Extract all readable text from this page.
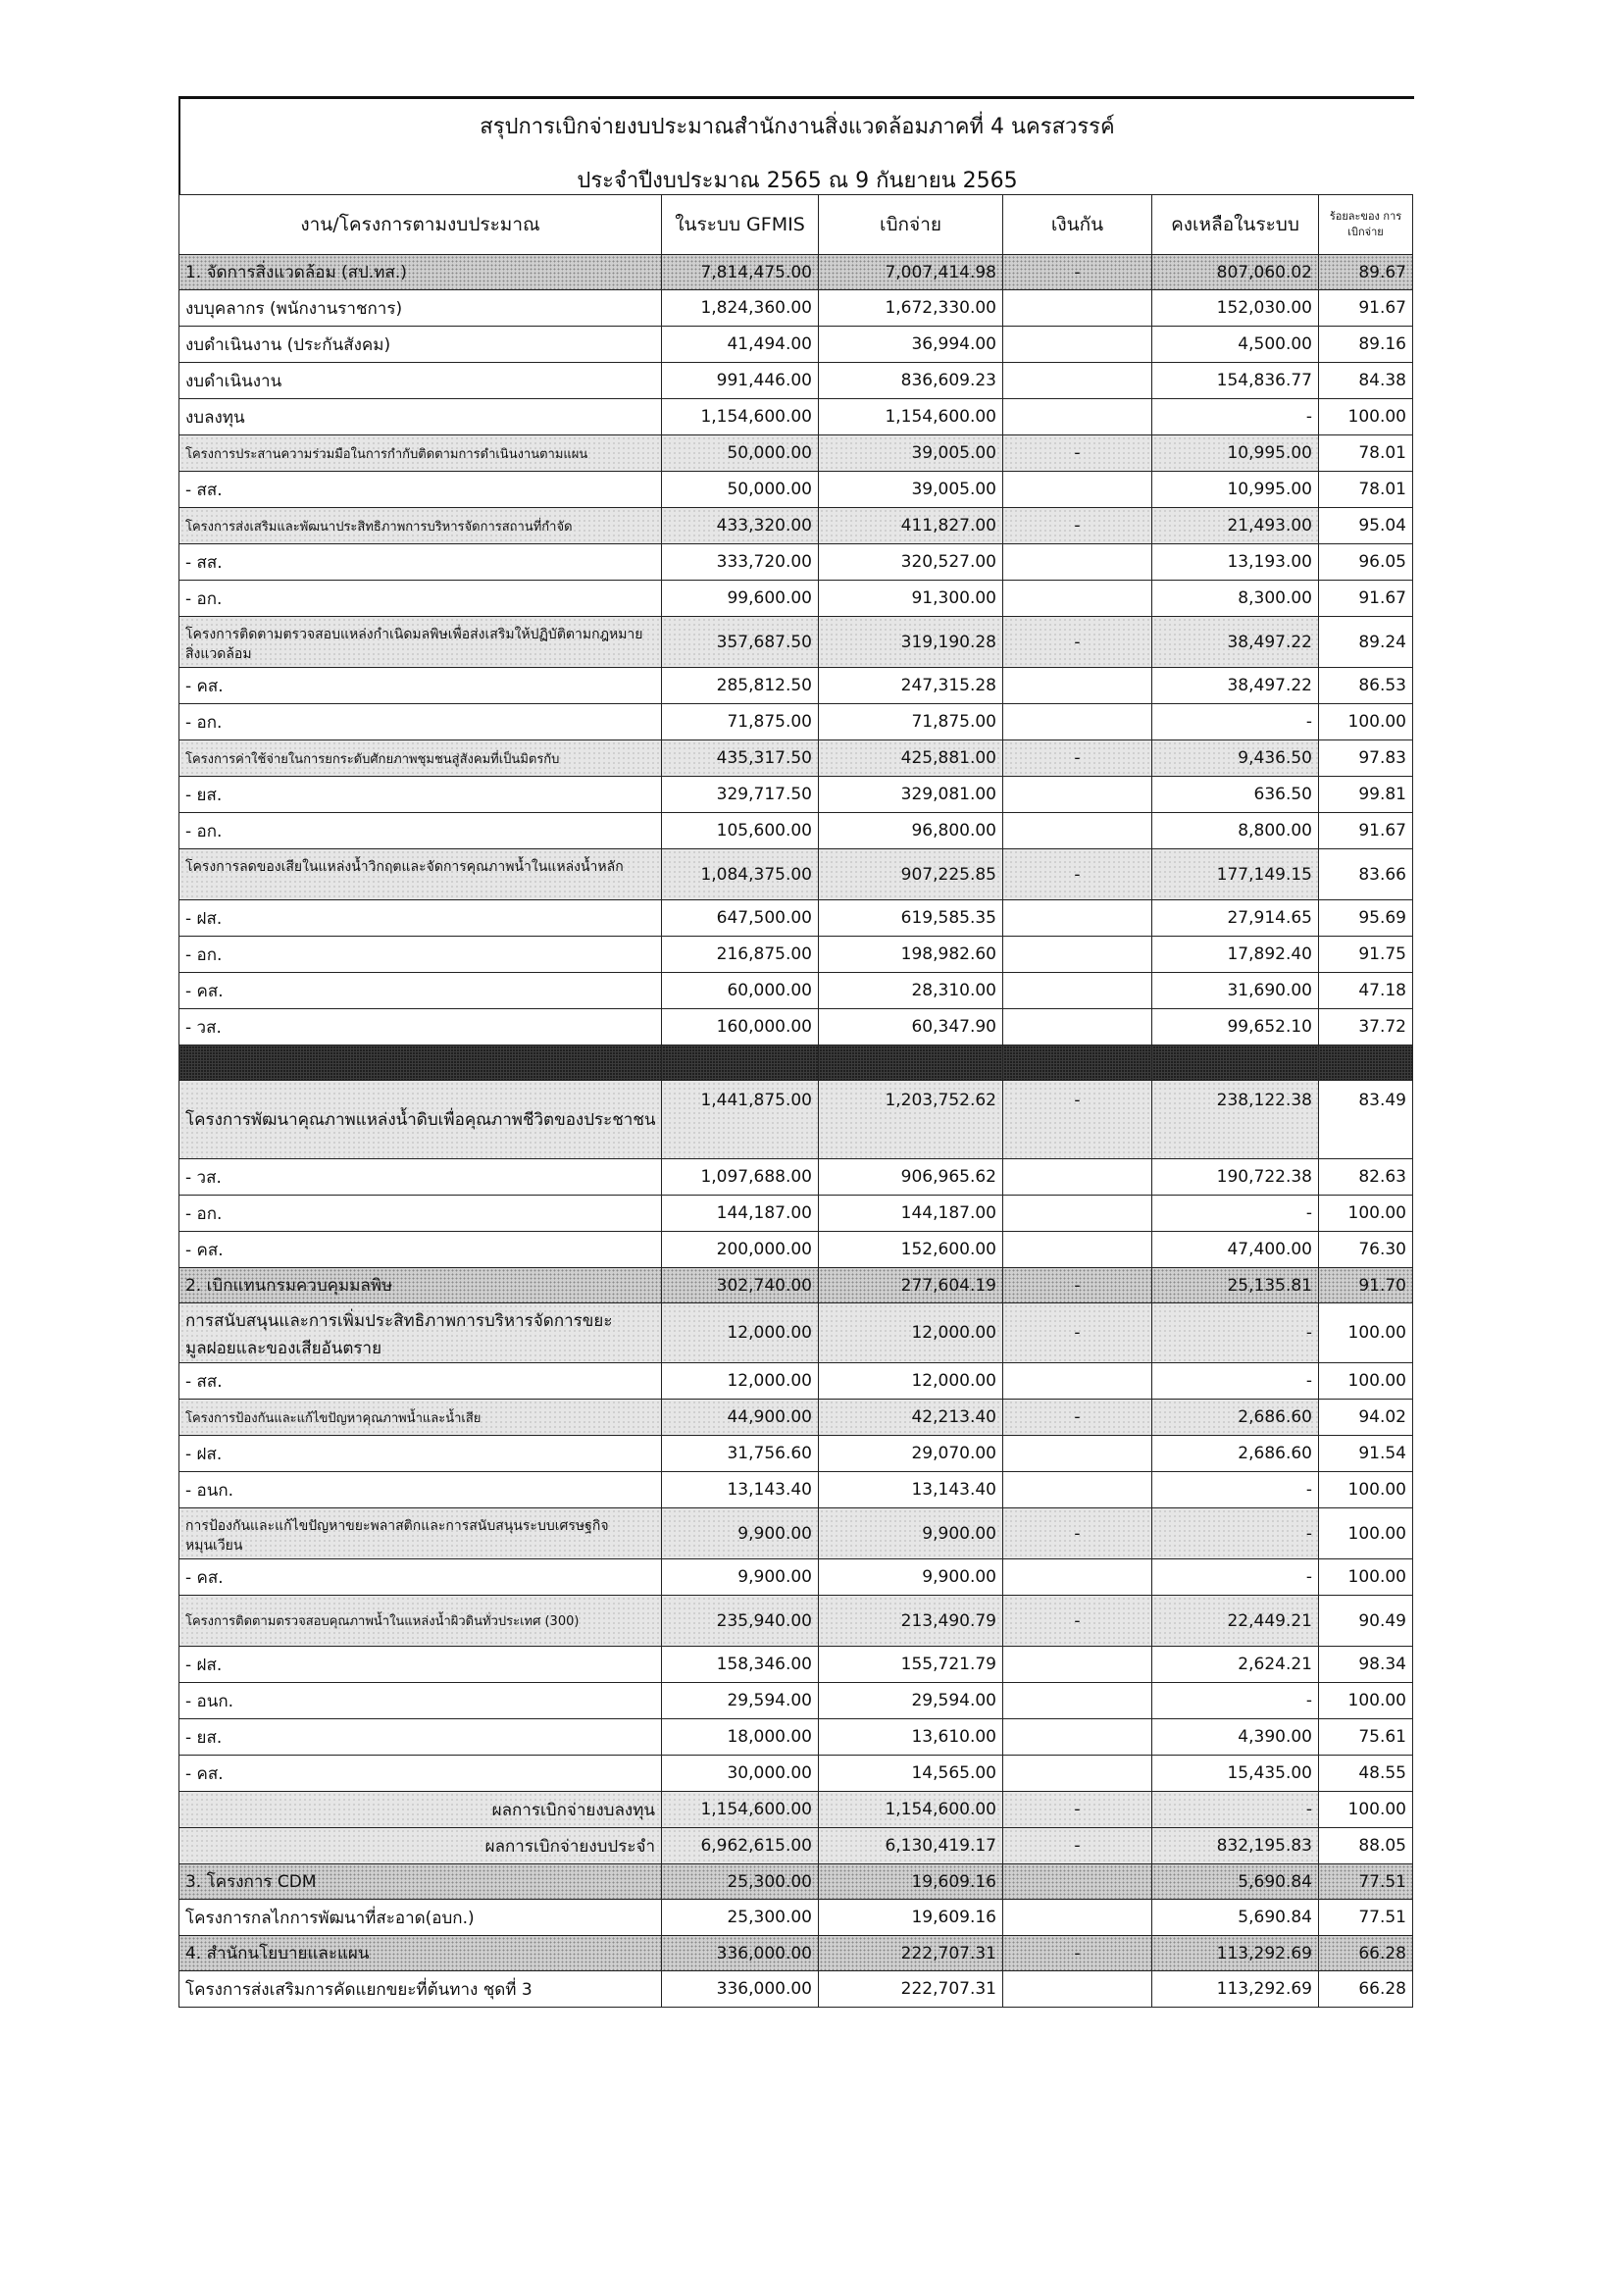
สรุปการเบิกจ่ายงบประมาณสำนักงานสิ่งแวดล้อมภาคที่ 4 นครสวรรค์
ประจำปีงบประมาณ 2565 ณ 9 กันยายน 2565
งาน/โครงการตามงบประมาณ	ในระบบ GFMIS	เบิกจ่าย	เงินกัน	คงเหลือในระบบ	ร้อยละของ การเบิกจ่าย
1. จัดการสิ่งแวดล้อม (สป.ทส.)	7,814,475.00	7,007,414.98	-	807,060.02	89.67
งบบุคลากร (พนักงานราชการ)	1,824,360.00	1,672,330.00		152,030.00	91.67
งบดำเนินงาน (ประกันสังคม)	41,494.00	36,994.00		4,500.00	89.16
งบดำเนินงาน	991,446.00	836,609.23		154,836.77	84.38
งบลงทุน	1,154,600.00	1,154,600.00		-	100.00
โครงการประสานความร่วมมือในการกำกับติดตามการดำเนินงานตามแผน	50,000.00	39,005.00	-	10,995.00	78.01
- สส.	50,000.00	39,005.00		10,995.00	78.01
โครงการส่งเสริมและพัฒนาประสิทธิภาพการบริหารจัดการสถานที่กำจัด	433,320.00	411,827.00	-	21,493.00	95.04
- สส.	333,720.00	320,527.00		13,193.00	96.05
- อก.	99,600.00	91,300.00		8,300.00	91.67
โครงการติดตามตรวจสอบแหล่งกำเนิดมลพิษเพื่อส่งเสริมให้ปฏิบัติตามกฎหมายสิ่งแวดล้อม	357,687.50	319,190.28	-	38,497.22	89.24
- คส.	285,812.50	247,315.28		38,497.22	86.53
- อก.	71,875.00	71,875.00		-	100.00
โครงการค่าใช้จ่ายในการยกระดับศักยภาพชุมชนสู่สังคมที่เป็นมิตรกับ	435,317.50	425,881.00	-	9,436.50	97.83
- ยส.	329,717.50	329,081.00		636.50	99.81
- อก.	105,600.00	96,800.00		8,800.00	91.67
โครงการลดของเสียในแหล่งน้ำวิกฤตและจัดการคุณภาพน้ำในแหล่งน้ำหลัก	1,084,375.00	907,225.85	-	177,149.15	83.66
- ฝส.	647,500.00	619,585.35		27,914.65	95.69
- อก.	216,875.00	198,982.60		17,892.40	91.75
- คส.	60,000.00	28,310.00		31,690.00	47.18
- วส.	160,000.00	60,347.90		99,652.10	37.72

โครงการพัฒนาคุณภาพแหล่งน้ำดิบเพื่อคุณภาพชีวิตของประชาชน	1,441,875.00	1,203,752.62	-	238,122.38	83.49
- วส.	1,097,688.00	906,965.62		190,722.38	82.63
- อก.	144,187.00	144,187.00		-	100.00
- คส.	200,000.00	152,600.00		47,400.00	76.30
2. เบิกแทนกรมควบคุมมลพิษ	302,740.00	277,604.19	-	25,135.81	91.70
การสนับสนุนและการเพิ่มประสิทธิภาพการบริหารจัดการขยะมูลฝอยและของเสียอันตราย	12,000.00	12,000.00	-	-	100.00
- สส.	12,000.00	12,000.00		-	100.00
โครงการป้องกันและแก้ไขปัญหาคุณภาพน้ำและน้ำเสีย	44,900.00	42,213.40	-	2,686.60	94.02
- ฝส.	31,756.60	29,070.00		2,686.60	91.54
- อนก.	13,143.40	13,143.40		-	100.00
การป้องกันและแก้ไขปัญหาขยะพลาสติกและการสนับสนุนระบบเศรษฐกิจหมุนเวียน	9,900.00	9,900.00	-	-	100.00
- คส.	9,900.00	9,900.00		-	100.00
โครงการติดตามตรวจสอบคุณภาพน้ำในแหล่งน้ำผิวดินทั่วประเทศ (300)	235,940.00	213,490.79	-	22,449.21	90.49
- ฝส.	158,346.00	155,721.79		2,624.21	98.34
- อนก.	29,594.00	29,594.00		-	100.00
- ยส.	18,000.00	13,610.00		4,390.00	75.61
- คส.	30,000.00	14,565.00		15,435.00	48.55
ผลการเบิกจ่ายงบลงทุน	1,154,600.00	1,154,600.00	-	-	100.00
ผลการเบิกจ่ายงบประจำ	6,962,615.00	6,130,419.17	-	832,195.83	88.05
3. โครงการ CDM	25,300.00	19,609.16		5,690.84	77.51
โครงการกลไกการพัฒนาที่สะอาด(อบก.)	25,300.00	19,609.16		5,690.84	77.51
4. สำนักนโยบายและแผน	336,000.00	222,707.31	-	113,292.69	66.28
โครงการส่งเสริมการคัดแยกขยะที่ต้นทาง ชุดที่ 3	336,000.00	222,707.31		113,292.69	66.28
